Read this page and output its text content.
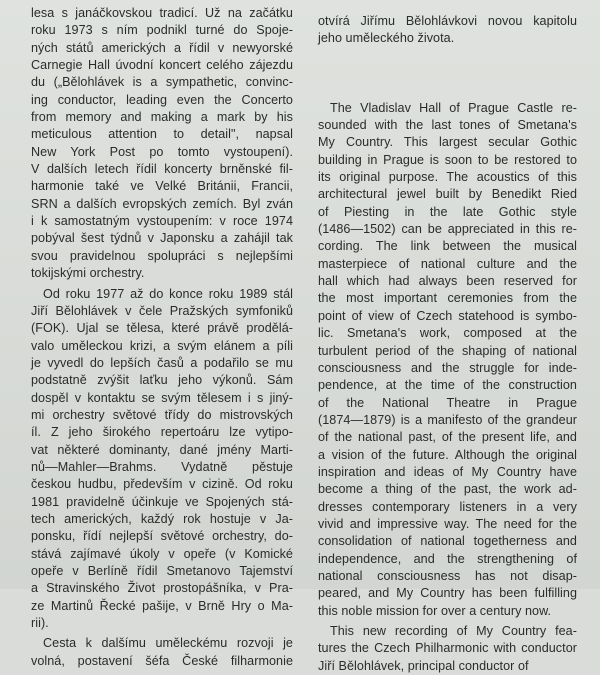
lesa s janáčkovskou tradicí. Už na začátku
roku 1973 s ním podnikl turné do Spoje-
ných států amerických a řídil v newyorské
Carnegie Hall úvodní koncert celého zájezdu
du („Bělohlávek is a sympathetic, convinc-
ing conductor, leading even the Concerto
from memory and making a mark by his
meticulous attention to detail", napsal
New York Post po tomto vystoupení).
V dalších letech řídil koncerty brněnské fil-
harmonie také ve Velké Británii, Francii,
SRN a dalších evropských zemích. Byl zván
i k samostatným vystoupením: v roce 1974
pobýval šest týdnů v Japonsku a zahájil tak
svou pravidelnou spolupráci s nejlepšími
tokijskými orchestry.
Od roku 1977 až do konce roku 1989 stál
Jiří Bělohlávek v čele Pražských symfoniků
(FOK). Ujal se tělesa, které právě prodělá-
valo uměleckou krizi, a svým elánem a píli
je vyvedl do lepších časů a podařilo se mu
podstatně zvýšit laťku jeho výkonů. Sám
dospěl v kontaktu se svým tělesem i s jiný-
mi orchestry světové třídy do mistrovských
íl. Z jeho širokého repertoáru lze vytipo-
vat některé dominanty, dané jmény Marti-
nů—Mahler—Brahms. Vydatně pěstuje
českou hudbu, především v cizině. Od roku
1981 pravidelně účinkuje ve Spojených stá-
tech amerických, každý rok hostuje v Ja-
ponsku, řídí nejlepší světové orchestry, do-
stává zajímavé úkoly v opeře (v Komické
opeře v Berlíně řídil Smetanovo Tajemství
a Stravinského Život prostopášníka, v Pra-
ze Martinů Řecké pašije, v Brně Hry o Ma-
rii).
Cesta k dalšímu uměleckému rozvoji je
volná, postavení šéfa České filharmonie
otvírá Jiřímu Bělohlávkovi novou kapitolu
jeho uměleckého života.
The Vladislav Hall of Prague Castle re-
sounded with the last tones of Smetana's
My Country. This largest secular Gothic
building in Prague is soon to be restored to
its original purpose. The acoustics of this
architectural jewel built by Benedikt Ried
of Piesting in the late Gothic style
(1486—1502) can be appreciated in this re-
cording. The link between the musical
masterpiece of national culture and the
hall which had always been reserved for
the most important ceremonies from the
point of view of Czech statehood is symbo-
lic. Smetana's work, composed at the
turbulent period of the shaping of national
consciousness and the struggle for inde-
pendence, at the time of the construction
of the National Theatre in Prague
(1874—1879) is a manifesto of the grandeur
of the national past, of the present life, and
a vision of the future. Although the original
inspiration and ideas of My Country have
become a thing of the past, the work ad-
dresses contemporary listeners in a very
vivid and impressive way. The need for the
consolidation of national togetherness and
independence, and the strengthening of
national consciousness has not disap-
peared, and My Country has been fulfilling
this noble mission for over a century now.
This new recording of My Country fea-
tures the Czech Philharmonic with conductor
Jiří Bělohlávek, principal conductor of
